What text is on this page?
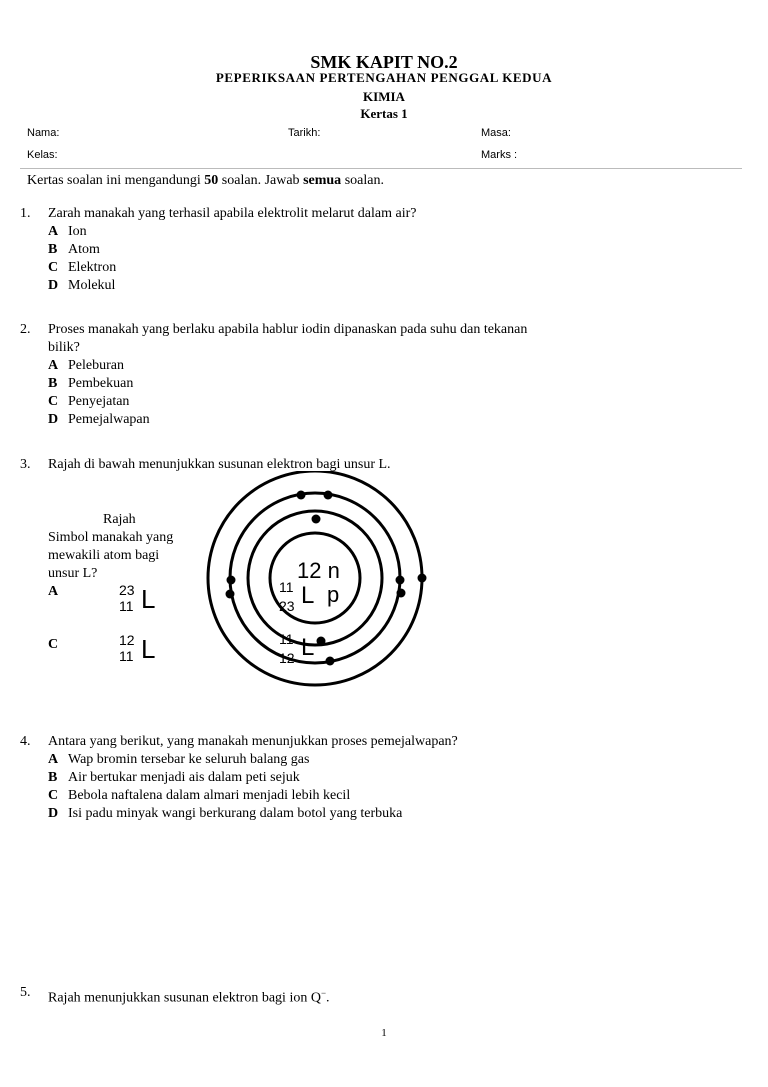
SMK KAPIT NO.2
PEPERIKSAAN PERTENGAHAN PENGGAL KEDUA
KIMIA
Kertas 1
Nama:	Tarikh:	Masa:
Kelas:	Marks :
Kertas soalan ini mengandungi 50 soalan. Jawab semua soalan.
1. Zarah manakah yang terhasil apabila elektrolit melarut dalam air?
A Ion
B Atom
C Elektron
D Molekul
2. Proses manakah yang berlaku apabila hablur iodin dipanaskan pada suhu dan tekanan
bilik?
A Peleburan
B Pembekuan
C Penyejatan
D Pemejalwapan
3. Rajah di bawah menunjukkan susunan elektron bagi unsur L.
12 n
p
11
23 L
11
12 L
Rajah
Simbol manakah yang
mewakili atom bagi
unsur L?
A	23
11 L
C	12
11 L
4. Antara yang berikut, yang manakah menunjukkan proses pemejalwapan?
A Wap bromin tersebar ke seluruh balang gas
B Air bertukar menjadi ais dalam peti sejuk
C Bebola naftalena dalam almari menjadi lebih kecil
D Isi padu minyak wangi berkurang dalam botol yang terbuka
5. Rajah menunjukkan susunan elektron bagi ion Q−.
1
